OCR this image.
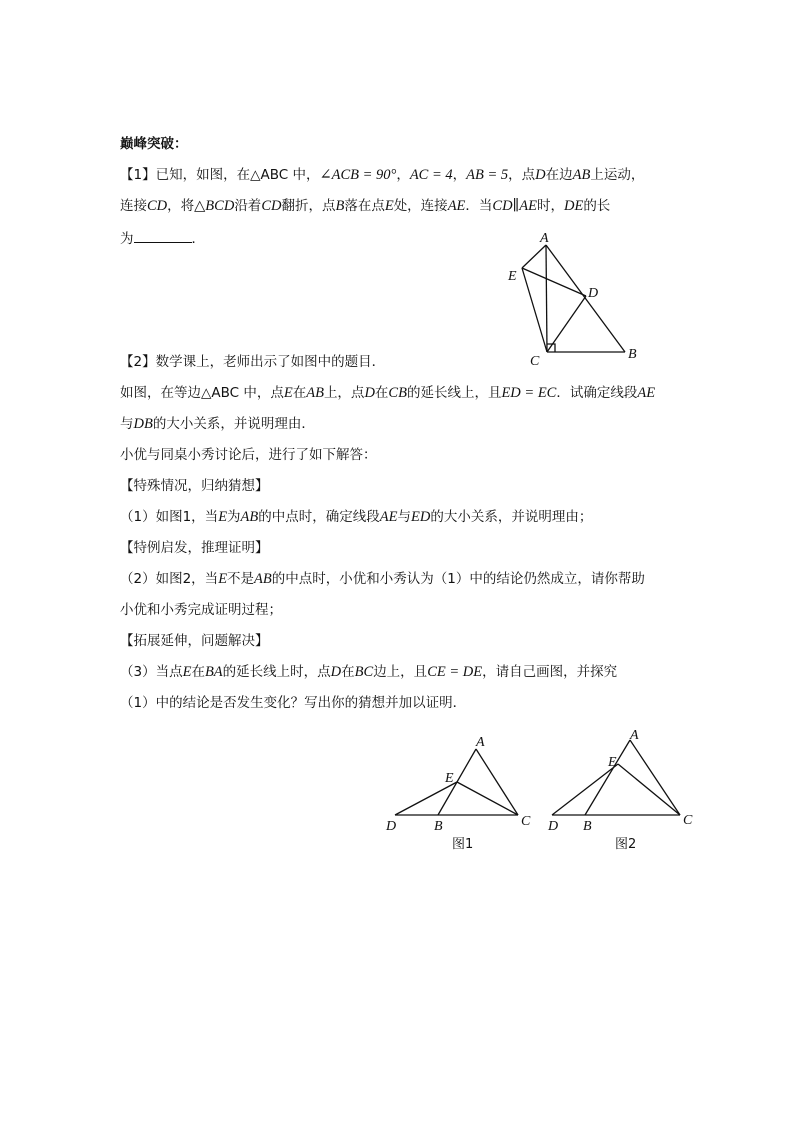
巅峰突破：
【1】已知，如图，在△ABC 中，∠ACB = 90°，AC = 4，AB = 5，点D在边AB上运动，
连接CD，将△BCD沿着CD翻折，点B落在点E处，连接AE．当CD∥AE时，DE的长
为	．
【2】数学课上，老师出示了如图中的题目．
如图，在等边△ABC 中，点E在AB上，点D在CB的延长线上，且ED = EC．试确定线段AE
与DB的大小关系，并说明理由．
小优与同桌小秀讨论后，进行了如下解答：
【特殊情况，归纳猜想】
（1）如图1，当E为AB的中点时，确定线段AE与ED的大小关系，并说明理由；
【特例启发，推理证明】
（2）如图2，当E不是AB的中点时，小优和小秀认为（1）中的结论仍然成立，请你帮助
小优和小秀完成证明过程；
【拓展延伸，问题解决】
（3）当点E在BA的延长线上时，点D在BC边上，且CE = DE，请自己画图，并探究
（1）中的结论是否发生变化？写出你的猜想并加以证明．
A
E
D
C	B
A
E
D	B	C
图1
A
E
D B	C
图2
